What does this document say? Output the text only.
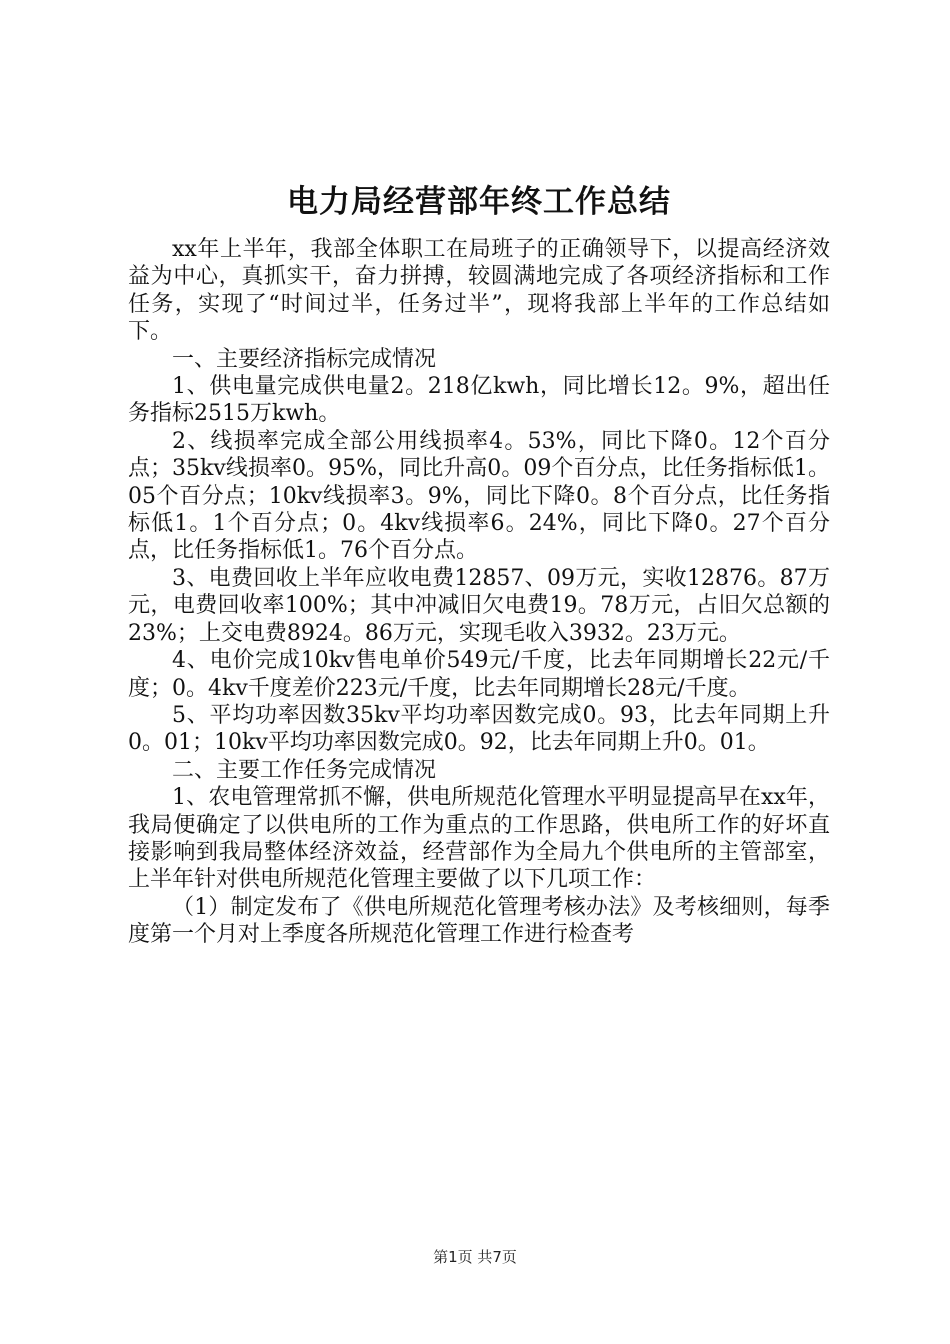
电力局经营部年终工作总结

xx年上半年，我部全体职工在局班子的正确领导下，以提高经济效益为中心，真抓实干，奋力拼搏，较圆满地完成了各项经济指标和工作任务，实现了“时间过半，任务过半”，现将我部上半年的工作总结如下。

一、主要经济指标完成情况

1、供电量完成供电量2。218亿kwh，同比增长12。9%，超出任务指标2515万kwh。

2、线损率完成全部公用线损率4。53%，同比下降0。12个百分点；35kv线损率0。95%，同比升高0。09个百分点，比任务指标低1。05个百分点；10kv线损率3。9%，同比下降0。8个百分点，比任务指标低1。1个百分点；0。4kv线损率6。24%，同比下降0。27个百分点，比任务指标低1。76个百分点。

3、电费回收上半年应收电费12857、09万元，实收12876。87万元，电费回收率100%；其中冲减旧欠电费19。78万元，占旧欠总额的23%；上交电费8924。86万元，实现毛收入3932。23万元。

4、电价完成10kv售电单价549元/千度，比去年同期增长22元/千度；0。4kv千度差价223元/千度，比去年同期增长28元/千度。

5、平均功率因数35kv平均功率因数完成0。93，比去年同期上升0。01；10kv平均功率因数完成0。92，比去年同期上升0。01。

二、主要工作任务完成情况

1、农电管理常抓不懈，供电所规范化管理水平明显提高早在xx年，我局便确定了以供电所的工作为重点的工作思路，供电所工作的好坏直接影响到我局整体经济效益，经营部作为全局九个供电所的主管部室，上半年针对供电所规范化管理主要做了以下几项工作：

（1）制定发布了《供电所规范化管理考核办法》及考核细则，每季度第一个月对上季度各所规范化管理工作进行检查考

第1页 共7页
